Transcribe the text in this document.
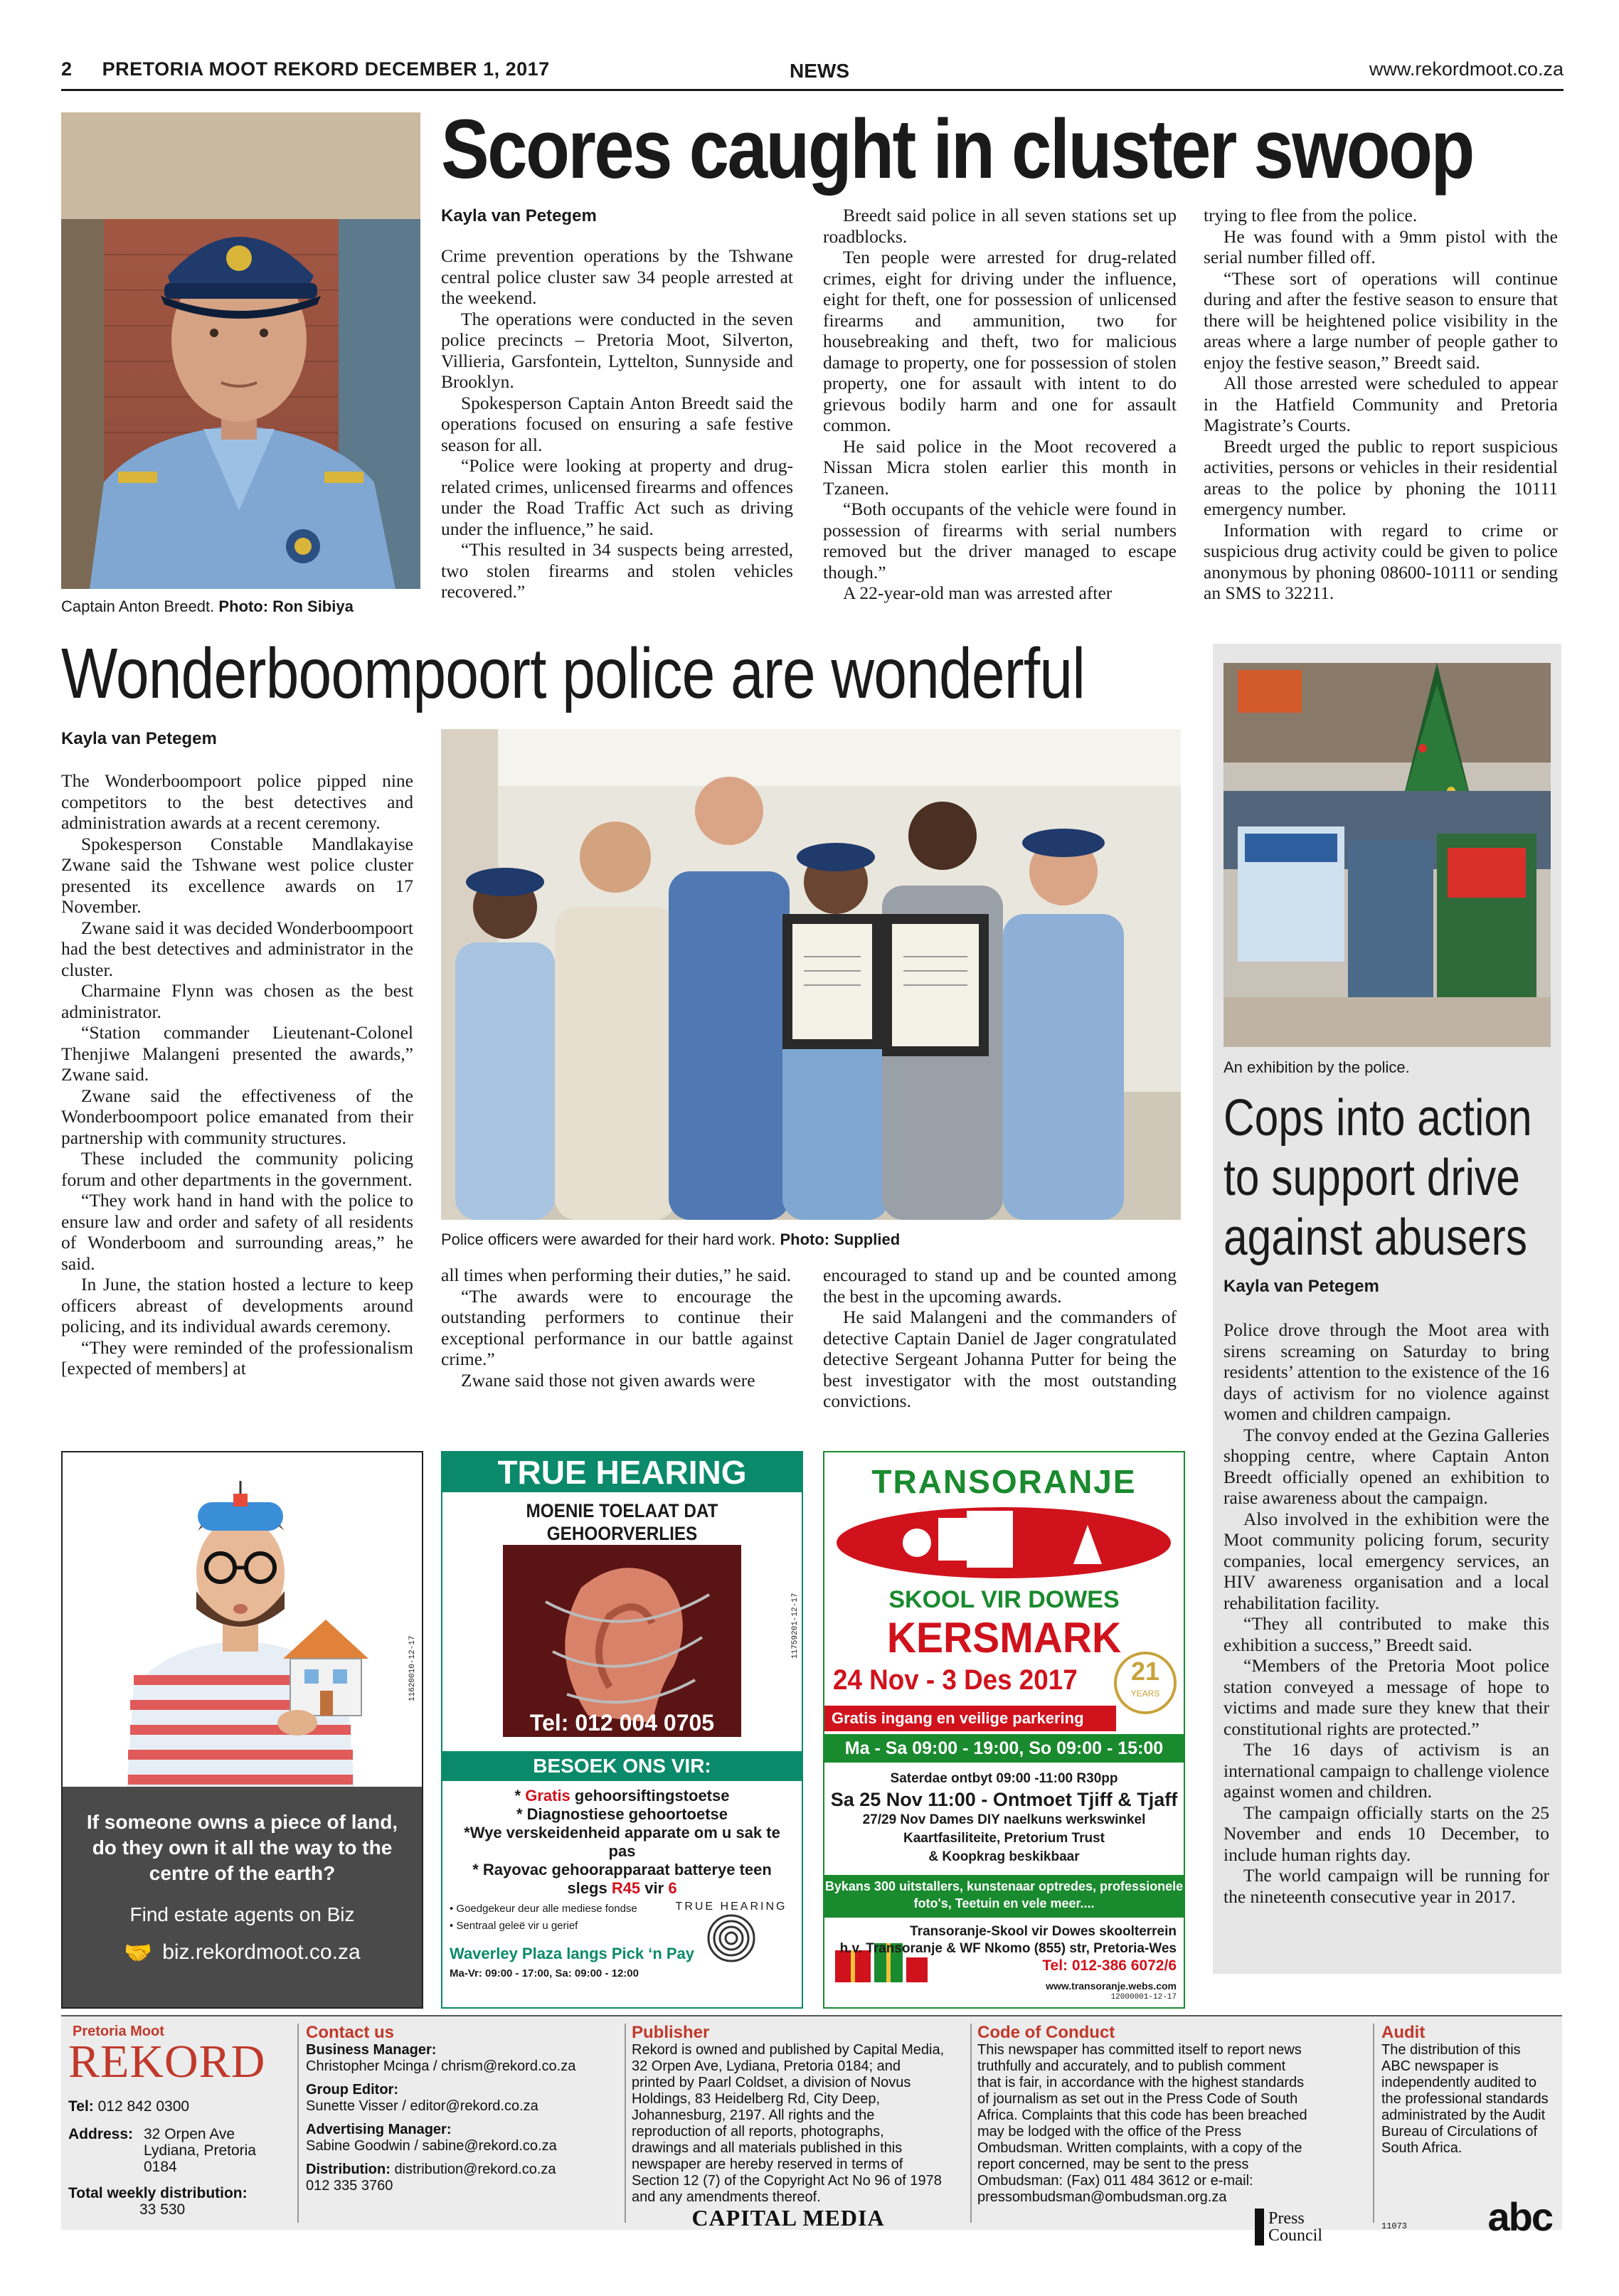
2 PRETORIA MOOT REKORD DECEMBER 1, 2017	NEWS	www.rekordmoot.co.za
Captain Anton Breedt. Photo: Ron Sibiya
Scores caught in cluster swoop
Kayla van Petegem

Crime prevention operations by the Tshwane central police cluster saw 34 people arrested at the weekend.

The operations were conducted in the seven police precincts – Pretoria Moot, Silverton, Villieria, Garsfontein, Lyttelton, Sunnyside and Brooklyn.

Spokesperson Captain Anton Breedt said the operations focused on ensuring a safe festive season for all.

“Police were looking at property and drug-related crimes, unlicensed firearms and offences under the Road Traffic Act such as driving under the influence,” he said.

“This resulted in 34 suspects being arrested, two stolen firearms and stolen vehicles recovered.”

Breedt said police in all seven stations set up roadblocks.

Ten people were arrested for drug-related crimes, eight for driving under the influence, eight for theft, one for possession of unlicensed firearms and ammunition, two for housebreaking and theft, two for malicious damage to property, one for possession of stolen property, one for assault with intent to do grievous bodily harm and one for assault common.

He said police in the Moot recovered a Nissan Micra stolen earlier this month in Tzaneen.

“Both occupants of the vehicle were found in possession of firearms with serial numbers removed but the driver managed to escape though.”

A 22-year-old man was arrested after

trying to flee from the police.

He was found with a 9mm pistol with the serial number filled off.

“These sort of operations will continue during and after the festive season to ensure that there will be heightened police visibility in the areas where a large number of people gather to enjoy the festive season,” Breedt said.

All those arrested were scheduled to appear in the Hatfield Community and Pretoria Magistrate’s Courts.

Breedt urged the public to report suspicious activities, persons or vehicles in their residential areas to the police by phoning the 10111 emergency number.

Information with regard to crime or suspicious drug activity could be given to police anonymous by phoning 08600-10111 or sending an SMS to 32211.

Wonderboompoort police are wonderful
Kayla van Petegem

The Wonderboompoort police pipped nine competitors to the best detectives and administration awards at a recent ceremony.

Spokesperson Constable Mandlakayise Zwane said the Tshwane west police cluster presented its excellence awards on 17 November.

Zwane said it was decided Wonderboompoort had the best detectives and administrator in the cluster.

Charmaine Flynn was chosen as the best administrator.

“Station commander Lieutenant-Colonel Thenjiwe Malangeni presented the awards,” Zwane said.

Zwane said the effectiveness of the Wonderboompoort police emanated from their partnership with community structures.

These included the community policing forum and other departments in the government.

“They work hand in hand with the police to ensure law and order and safety of all residents of Wonderboom and surrounding areas,” he said.

In June, the station hosted a lecture to keep officers abreast of developments around policing, and its individual awards ceremony.

“They were reminded of the professionalism [expected of members] at

Police officers were awarded for their hard work. Photo: Supplied

all times when performing their duties,” he said.

“The awards were to encourage the outstanding performers to continue their exceptional performance in our battle against crime.”

Zwane said those not given awards were

encouraged to stand up and be counted among the best in the upcoming awards.

He said Malangeni and the commanders of detective Captain Daniel de Jager congratulated detective Sergeant Johanna Putter for being the best investigator with the most outstanding convictions.

An exhibition by the police.
Cops into action
to support drive
against abusers
Kayla van Petegem

Police drove through the Moot area with sirens screaming on Saturday to bring residents’ attention to the existence of the 16 days of activism for no violence against women and children campaign.

The convoy ended at the Gezina Galleries shopping centre, where Captain Anton Breedt officially opened an exhibition to raise awareness about the campaign.

Also involved in the exhibition were the Moot community policing forum, security companies, local emergency services, an HIV awareness organisation and a local rehabilitation facility.

“They all contributed to make this exhibition a success,” Breedt said.

“Members of the Pretoria Moot police station conveyed a message of hope to victims and made sure they knew that their constitutional rights are protected.”

The 16 days of activism is an international campaign to challenge violence against women and children.

The campaign officially starts on the 25 November and ends 10 December, to include human rights day.

The world campaign will be running for the nineteenth consecutive year in 2017.

11620010-12-17
If someone owns a piece of land, do they own it all the way to the centre of the earth?
Find estate agents on Biz
🤝 biz.rekordmoot.co.za
TRUE HEARING
MOENIE TOELAAT DAT GEHOORVERLIES
11759201-12-17
Tel: 012 004 0705
BESOEK ONS VIR:
* Gratis gehoorsiftingstoetse
* Diagnostiese gehoortoetse
*Wye verskeidenheid apparate om u sak te pas
* Rayovac gehoorapparaat batterye teen slegs R45 vir 6
• Goedgekeur deur alle mediese fondse
• Sentraal geleë vir u gerief
TRUE HEARING
Waverley Plaza langs Pick ‘n Pay
Ma-Vr: 09:00 - 17:00, Sa: 09:00 - 12:00
TRANSORANJE
SKOOL VIR DOWES
KERSMARK
24 Nov - 3 Des 2017	21
YEARS
Gratis ingang en veilige parkering
Ma - Sa 09:00 - 19:00, So 09:00 - 15:00
Saterdae ontbyt 09:00 -11:00 R30pp
Sa 25 Nov 11:00 - Ontmoet Tjiff & Tjaff
27/29 Nov Dames DIY naelkuns werkswinkel
Kaartfasiliteite, Pretorium Trust
& Koopkrag beskikbaar
Bykans 300 uitstallers, kunstenaar optredes, professionele foto's, Teetuin en vele meer....
Transoranje-Skool vir Dowes skoolterrein
h.v. Transoranje & WF Nkomo (855) str, Pretoria-Wes
Tel: 012-386 6072/6
www.transoranje.webs.com
12000001-12-17
Pretoria Moot
REKORD
Tel: 012 842 0300
Address: 32 Orpen Ave
Lydiana, Pretoria
0184
Total weekly distribution:
33 530
Contact us
Business Manager:
Christopher Mcinga / chrism@rekord.co.za
Group Editor:
Sunette Visser / editor@rekord.co.za
Advertising Manager:
Sabine Goodwin / sabine@rekord.co.za
Distribution: distribution@rekord.co.za
012 335 3760
Publisher
Rekord is owned and published by Capital Media, 32 Orpen Ave, Lydiana, Pretoria 0184; and printed by Paarl Coldset, a division of Novus Holdings, 83 Heidelberg Rd, City Deep, Johannesburg, 2197. All rights and the reproduction of all reports, photographs, drawings and all materials published in this newspaper are hereby reserved in terms of Section 12 (7) of the Copyright Act No 96 of 1978 and any amendments thereof.
CAPITAL MEDIA
Code of Conduct
This newspaper has committed itself to report news truthfully and accurately, and to publish comment that is fair, in accordance with the highest standards of journalism as set out in the Press Code of South Africa. Complaints that this code has been breached may be lodged with the office of the Press Ombudsman. Written complaints, with a copy of the report concerned, may be sent to the press Ombudsman: (Fax) 011 484 3612 or e-mail: pressombudsman@ombudsman.org.za
Press
Council
Audit
The distribution of this ABC newspaper is independently audited to the professional standards administrated by the Audit Bureau of Circulations of South Africa.
11073 abc
